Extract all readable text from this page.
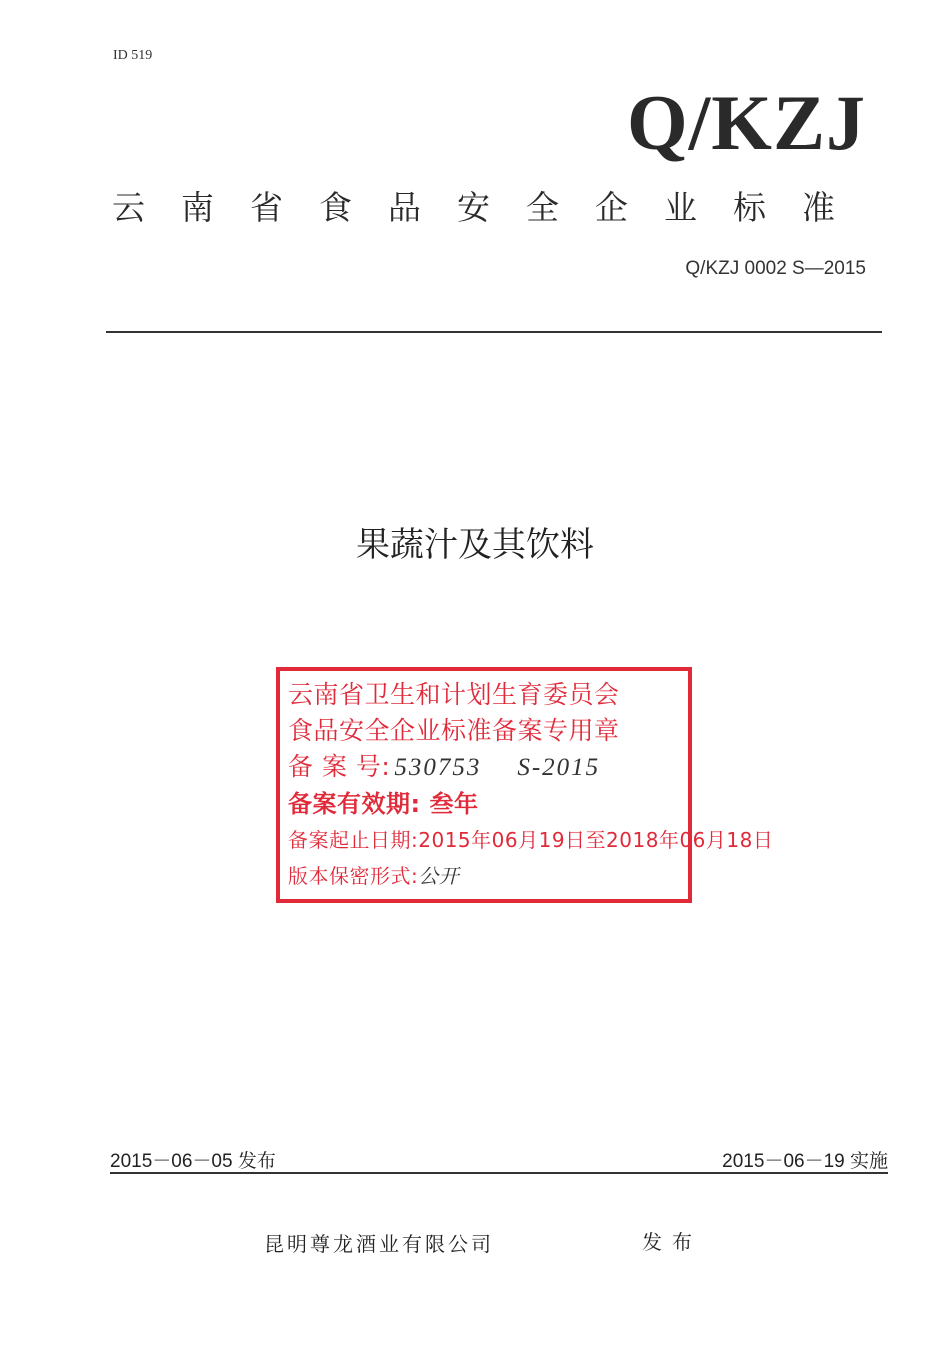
ID 519
Q/KZJ
云南省食品安全企业标准
Q/KZJ 0002 S—2015
果蔬汁及其饮料
云南省卫生和计划生育委员会
食品安全企业标准备案专用章
备 案 号: 530753 S-2015
备案有效期: 叁年
备案起止日期:2015年06月19日至2018年06月18日
版本保密形式:公开
2015－06－05 发布	2015－06－19 实施
昆明尊龙酒业有限公司	发布
